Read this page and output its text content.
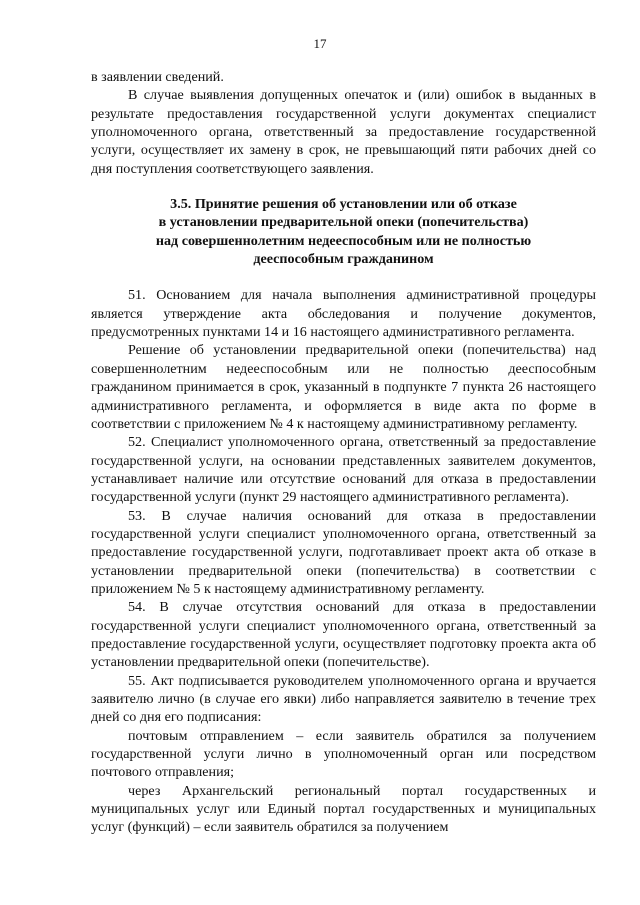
17

в заявлении сведений.

В случае выявления допущенных опечаток и (или) ошибок в выданных в результате предоставления государственной услуги документах специалист уполномоченного органа, ответственный за предоставление государственной услуги, осуществляет их замену в срок, не превышающий пяти рабочих дней со дня поступления соответствующего заявления.

3.5. Принятие решения об установлении или об отказе
в установлении предварительной опеки (попечительства)
над совершеннолетним недееспособным или не полностью
дееспособным гражданином

51. Основанием для начала выполнения административной процедуры является утверждение акта обследования и получение документов, предусмотренных пунктами 14 и 16 настоящего административного регламента.

Решение об установлении предварительной опеки (попечительства) над совершеннолетним недееспособным или не полностью дееспособным гражданином принимается в срок, указанный в подпункте 7 пункта 26 настоящего административного регламента, и оформляется в виде акта по форме в соответствии с приложением № 4 к настоящему административному регламенту.

52. Специалист уполномоченного органа, ответственный за предоставление государственной услуги, на основании представленных заявителем документов, устанавливает наличие или отсутствие оснований для отказа в предоставлении государственной услуги (пункт 29 настоящего административного регламента).

53. В случае наличия оснований для отказа в предоставлении государственной услуги специалист уполномоченного органа, ответственный за предоставление государственной услуги, подготавливает проект акта об отказе в установлении предварительной опеки (попечительства) в соответствии с приложением № 5 к настоящему административному регламенту.

54. В случае отсутствия оснований для отказа в предоставлении государственной услуги специалист уполномоченного органа, ответственный за предоставление государственной услуги, осуществляет подготовку проекта акта об установлении предварительной опеки (попечительстве).

55. Акт подписывается руководителем уполномоченного органа и вручается заявителю лично (в случае его явки) либо направляется заявителю в течение трех дней со дня его подписания:

почтовым отправлением – если заявитель обратился за получением государственной услуги лично в уполномоченный орган или посредством почтового отправления;

через Архангельский региональный портал государственных и муниципальных услуг или Единый портал государственных и муниципальных услуг (функций) – если заявитель обратился за получением
